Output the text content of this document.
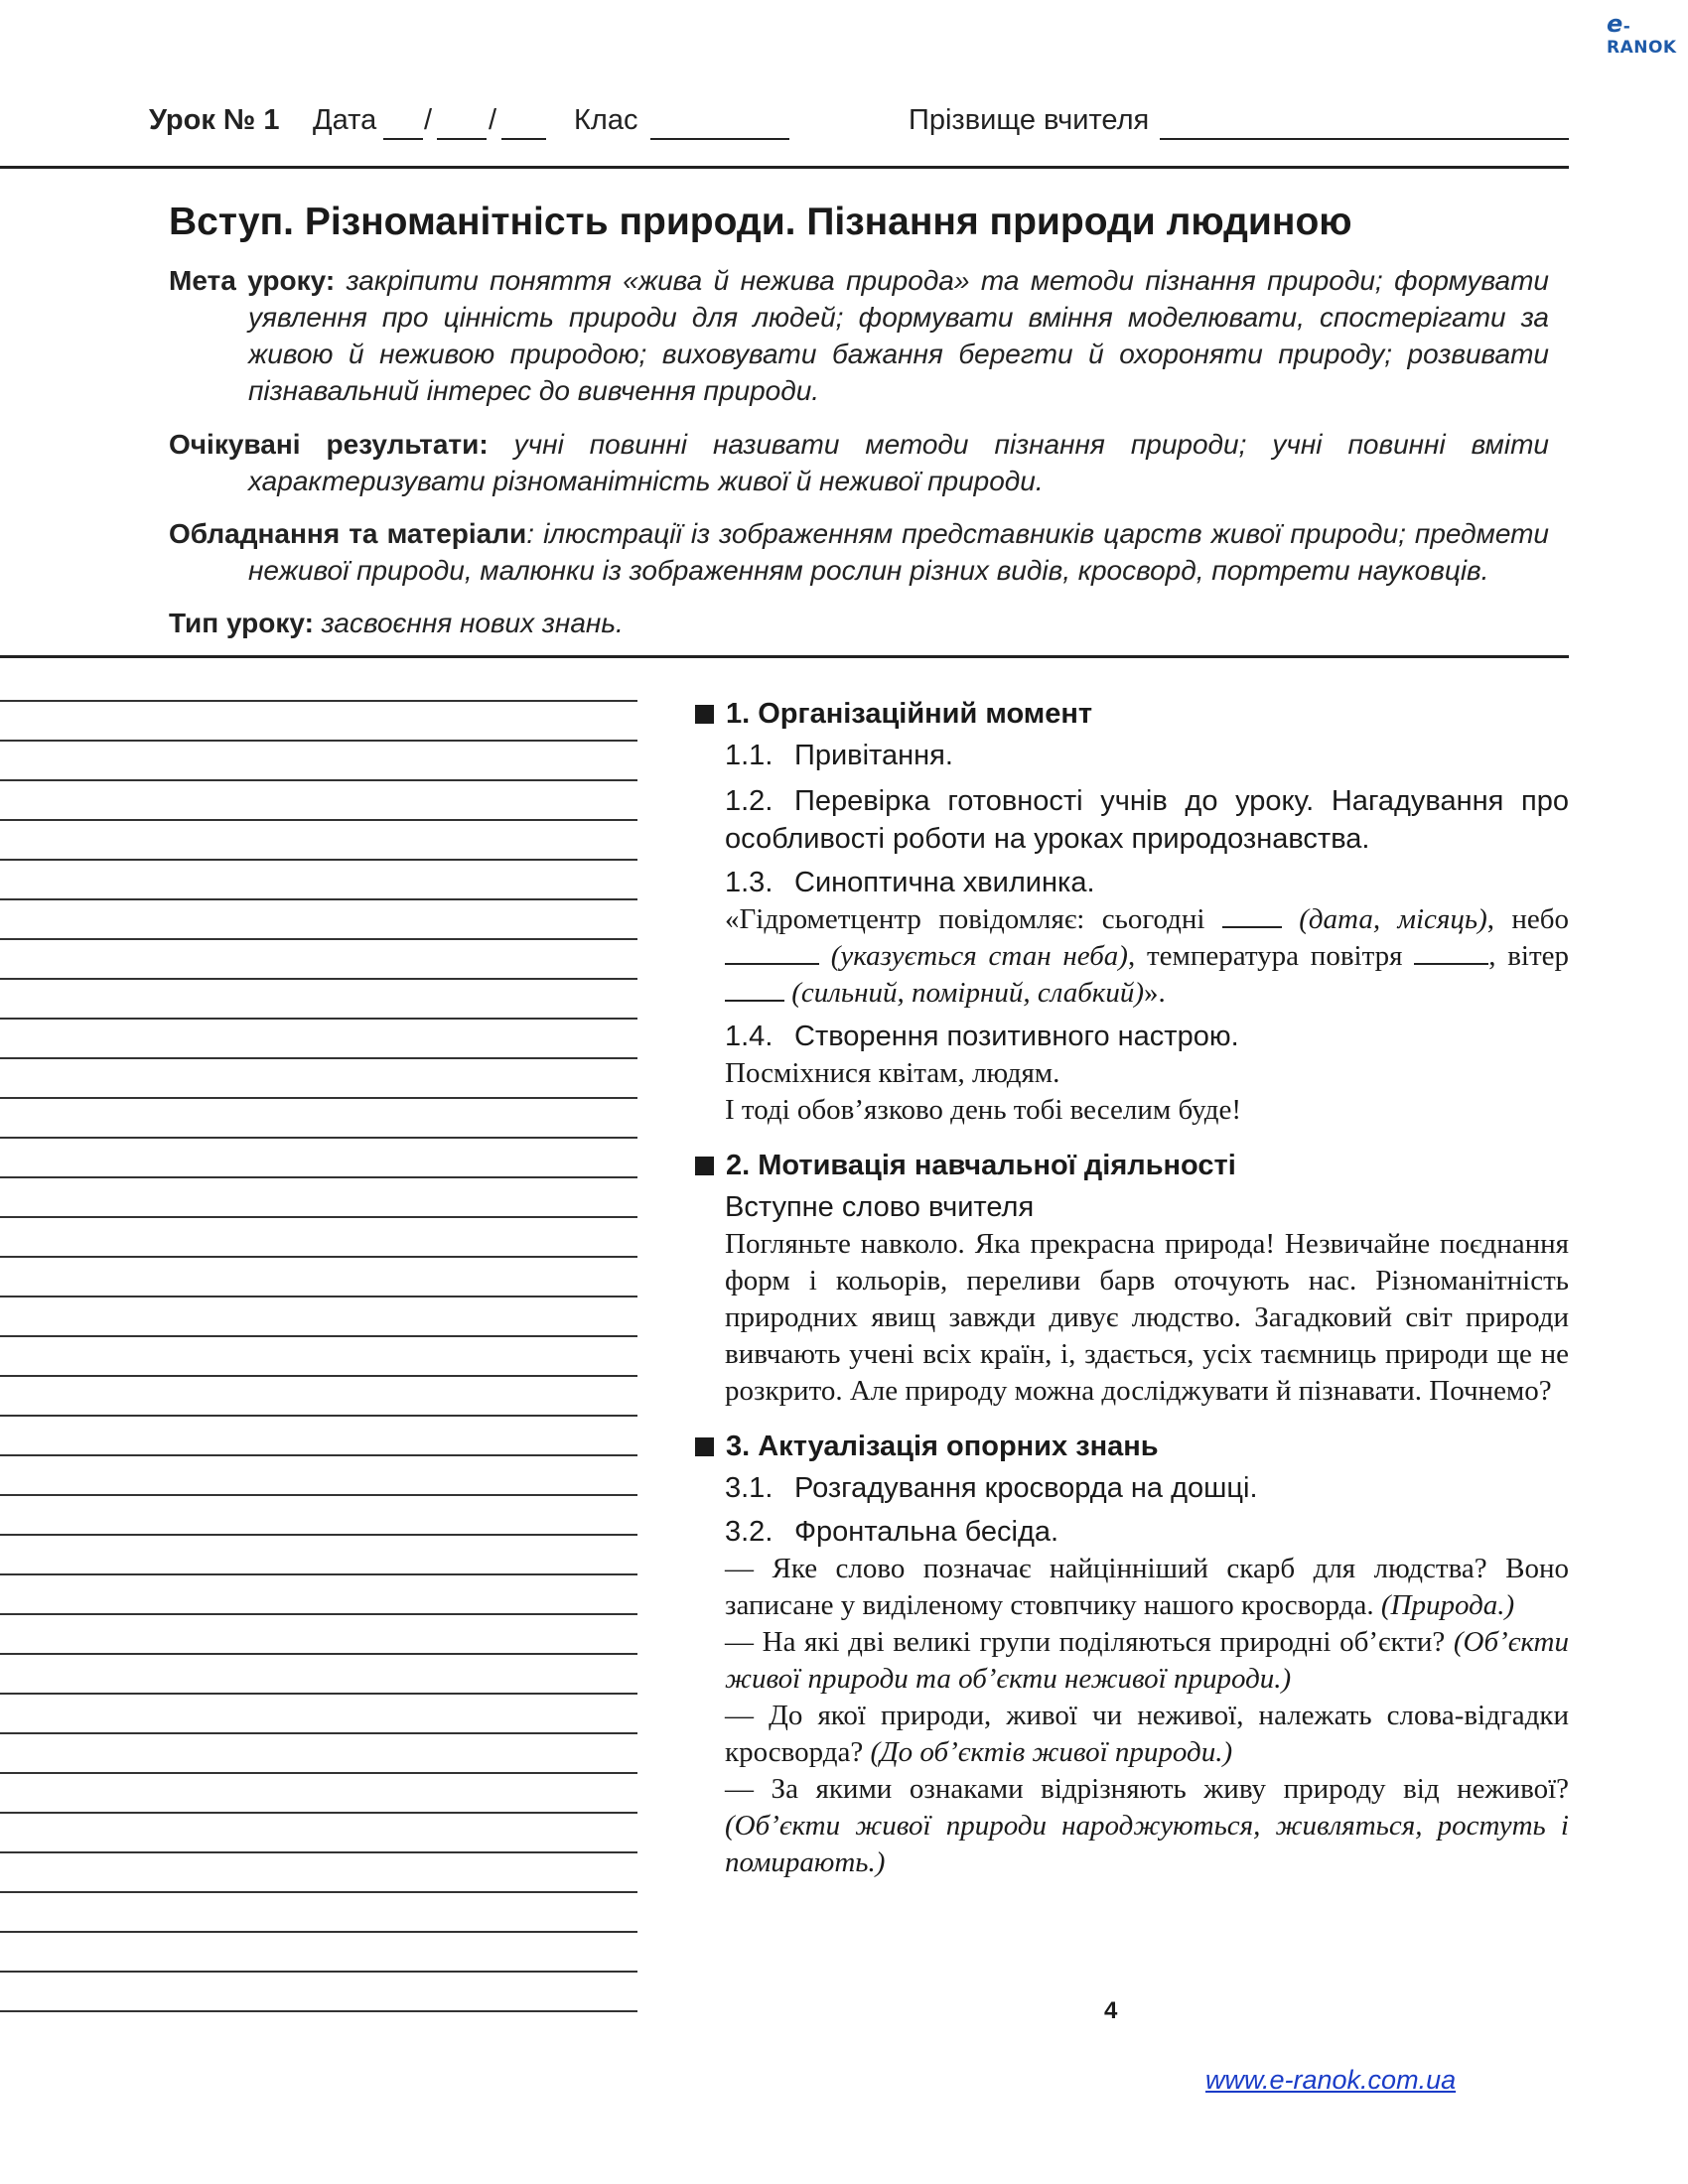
e-RANOK
Урок № 1 Дата / /	Клас	Прізвище вчителя
Вступ. Різноманітність природи. Пізнання природи людиною

Мета уроку: закріпити поняття «жива й нежива природа» та методи пізнання природи; формувати уявлення про цінність природи для людей; формувати вміння моделювати, спостерігати за живою й неживою природою; виховувати бажання берегти й охороняти природу; розвивати пізнавальний інтерес до вивчення природи.

Очікувані результати: учні повинні називати методи пізнання природи; учні повинні вміти характеризувати різноманітність живої й неживої природи.

Обладнання та матеріали: ілюстрації із зображенням представників царств живої природи; предмети неживої природи, малюнки із зображенням рослин різних видів, кросворд, портрети науковців.

Тип уроку: засвоєння нових знань.

1. Організаційний момент

1.1. Привітання.

1.2. Перевірка готовності учнів до уроку. Нагадування про особливості роботи на уроках природознавства.

1.3. Синоптична хвилинка.

«Гідрометцентр повідомляє: сьогодні	(дата, місяць), небо  (указується стан неба), температура повітря	, вітер  (сильний, помірний, слабкий)».

1.4. Створення позитивного настрою.

Посміхнися квітам, людям.

І тоді обов’язково день тобі веселим буде!

2. Мотивація навчальної діяльності

Вступне слово вчителя

Погляньте навколо. Яка прекрасна природа! Незвичайне поєднання форм і кольорів, переливи барв оточують нас. Різноманітність природних явищ завжди дивує людство. Загадковий світ природи вивчають учені всіх країн, і, здається, усіх таємниць природи ще не розкрито. Але природу можна досліджувати й пізнавати. Почнемо?

3. Актуалізація опорних знань

3.1. Розгадування кросворда на дошці.

3.2. Фронтальна бесіда.

— Яке слово позначає найцінніший скарб для людства? Воно записане у виділеному стовпчику нашого кросворда. (Природа.)

— На які дві великі групи поділяються природні об’єкти? (Об’єкти живої природи та об’єкти неживої природи.)

— До якої природи, живої чи неживої, належать слова-відгадки кросворда? (До об’єктів живої природи.)

— За якими ознаками відрізняють живу природу від неживої? (Об’єкти живої природи народжуються, живляться, ростуть і помирають.)

4
www.e-ranok.com.ua
